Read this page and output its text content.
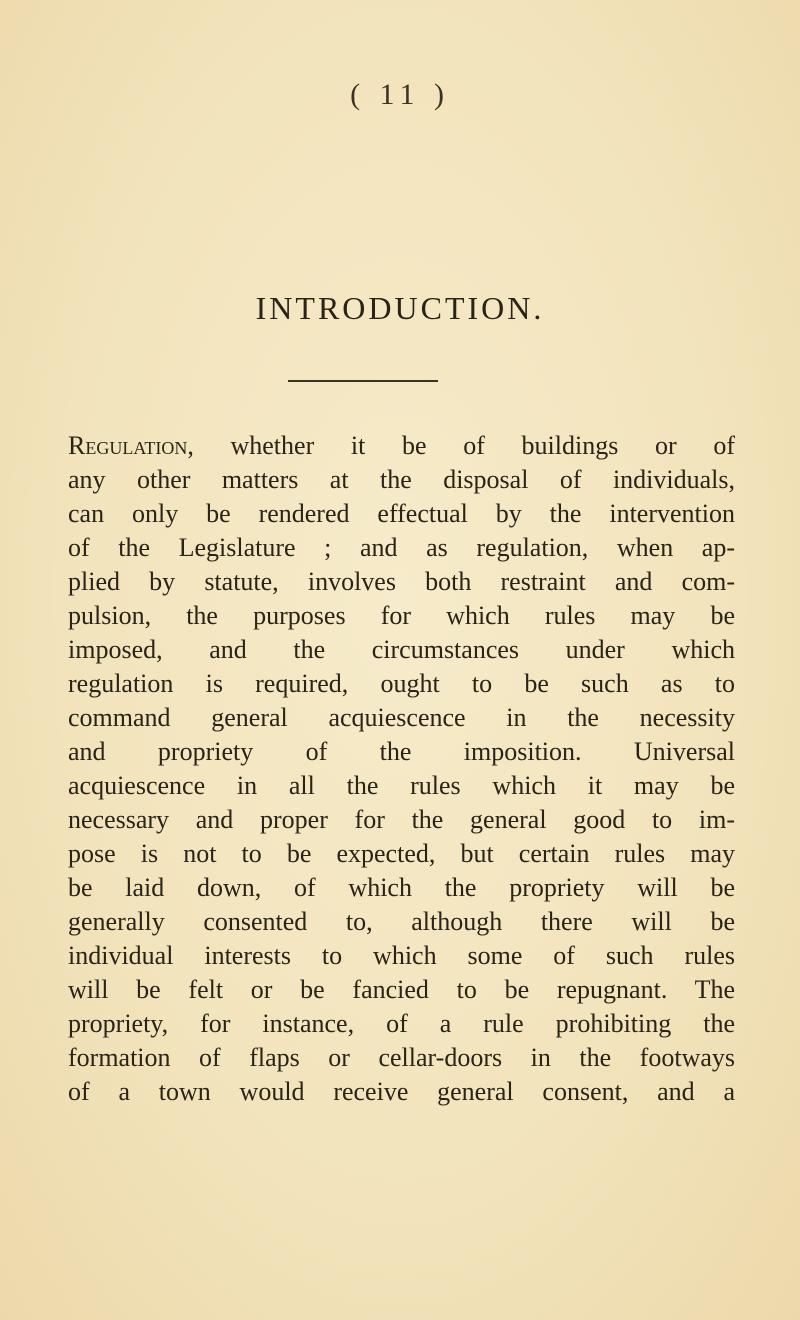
( 11 )
INTRODUCTION.
Regulation, whether it be of buildings or of
any other matters at the disposal of individuals,
can only be rendered effectual by the intervention
of the Legislature ; and as regulation, when ap-
plied by statute, involves both restraint and com-
pulsion, the purposes for which rules may be
imposed, and the circumstances under which
regulation is required, ought to be such as to
command general acquiescence in the necessity
and propriety of the imposition. Universal
acquiescence in all the rules which it may be
necessary and proper for the general good to im-
pose is not to be expected, but certain rules may
be laid down, of which the propriety will be
generally consented to, although there will be
individual interests to which some of such rules
will be felt or be fancied to be repugnant. The
propriety, for instance, of a rule prohibiting the
formation of flaps or cellar-doors in the footways
of a town would receive general consent, and a
